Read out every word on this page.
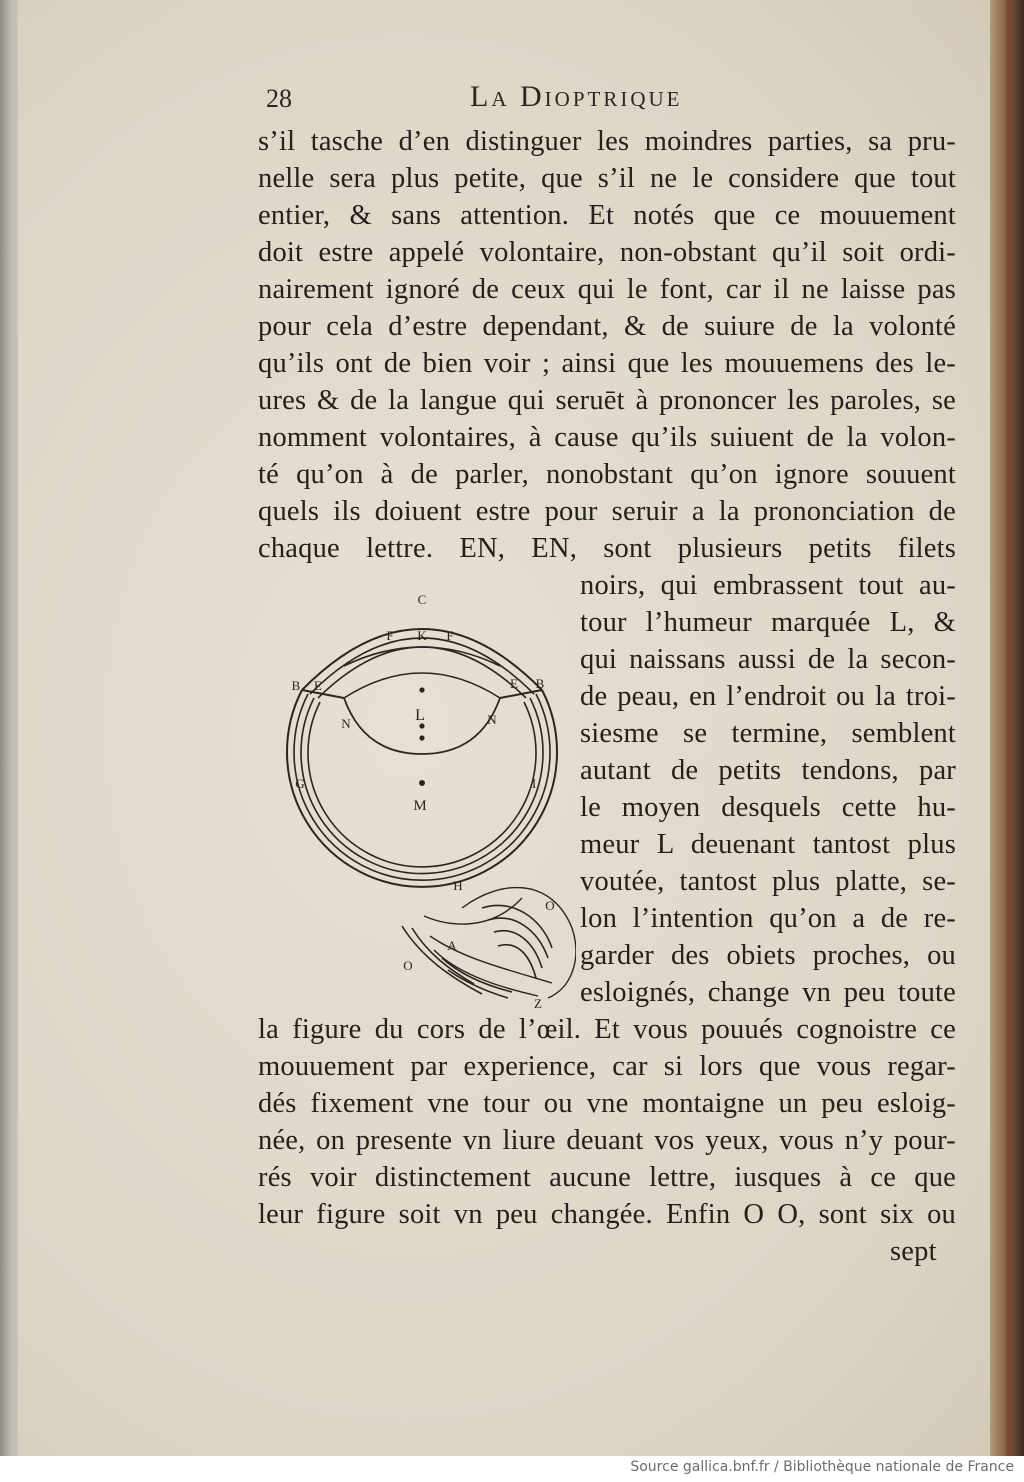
28	La Dioptrique
s’il tasche d’en distinguer les moindres parties, sa pru-
nelle sera plus petite, que s’il ne le considere que tout
entier, & sans attention. Et notés que ce mouuement
doit estre appelé volontaire, non-obstant qu’il soit ordi-
nairement ignoré de ceux qui le font, car il ne laisse pas
pour cela d’estre dependant, & de suiure de la volonté
qu’ils ont de bien voir ; ainsi que les mouuemens des le-
ures & de la langue qui seruēt à prononcer les paroles, se
nomment volontaires, à cause qu’ils suiuent de la volon-
té qu’on à de parler, nonobstant qu’on ignore souuent
quels ils doiuent estre pour seruir a la prononciation de
chaque lettre. EN, EN, sont plusieurs petits filets
noirs, qui embrassent tout au-
tour l’humeur marquée L, &
qui naissans aussi de la secon-
de peau, en l’endroit ou la troi-
siesme se termine, semblent
autant de petits tendons, par
le moyen desquels cette hu-
meur L deuenant tantost plus
voutée, tantost plus platte, se-
lon l’intention qu’on a de re-
garder des obiets proches, ou
esloignés, change vn peu toute
la figure du cors de l’œil. Et vous pouués cognoistre ce
mouuement par experience, car si lors que vous regar-
dés fixement vne tour ou vne montaigne un peu esloig-
née, on presente vn liure deuant vos yeux, vous n’y pour-
rés voir distinctement aucune lettre, iusques à ce que
leur figure soit vn peu changée. Enfin O O, sont six ou
sept
C
F K F
B E	E B
N	L	N
G	I
M
H
A
O
O
Z
Source gallica.bnf.fr / Bibliothèque nationale de France
